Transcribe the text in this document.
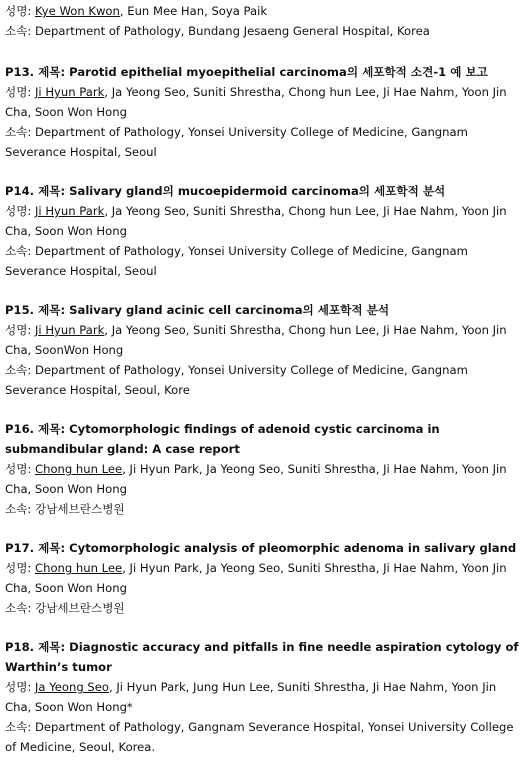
성명: Kye Won Kwon, Eun Mee Han, Soya Paik
소속: Department of Pathology, Bundang Jesaeng General Hospital, Korea
P13. 제목: Parotid epithelial myoepithelial carcinoma의 세포학적 소견-1 예 보고
성명: Ji Hyun Park, Ja Yeong Seo, Suniti Shrestha, Chong hun Lee, Ji Hae Nahm, Yoon Jin Cha, Soon Won Hong
소속: Department of Pathology, Yonsei University College of Medicine, Gangnam Severance Hospital, Seoul
P14. 제목: Salivary gland의 mucoepidermoid carcinoma의 세포학적 분석
성명: Ji Hyun Park, Ja Yeong Seo, Suniti Shrestha, Chong hun Lee, Ji Hae Nahm, Yoon Jin Cha, Soon Won Hong
소속: Department of Pathology, Yonsei University College of Medicine, Gangnam Severance Hospital, Seoul
P15. 제목: Salivary gland acinic cell carcinoma의 세포학적 분석
성명: Ji Hyun Park, Ja Yeong Seo, Suniti Shrestha, Chong hun Lee, Ji Hae Nahm, Yoon Jin Cha, SoonWon Hong
소속: Department of Pathology, Yonsei University College of Medicine, Gangnam Severance Hospital, Seoul, Kore
P16. 제목: Cytomorphologic findings of adenoid cystic carcinoma in submandibular gland: A case report
성명: Chong hun Lee, Ji Hyun Park, Ja Yeong Seo, Suniti Shrestha, Ji Hae Nahm, Yoon Jin Cha, Soon Won Hong
소속: 강남세브란스병원
P17. 제목: Cytomorphologic analysis of pleomorphic adenoma in salivary gland
성명: Chong hun Lee, Ji Hyun Park, Ja Yeong Seo, Suniti Shrestha, Ji Hae Nahm, Yoon Jin Cha, Soon Won Hong
소속: 강남세브란스병원
P18. 제목: Diagnostic accuracy and pitfalls in fine needle aspiration cytology of Warthin’s tumor
성명: Ja Yeong Seo, Ji Hyun Park, Jung Hun Lee, Suniti Shrestha, Ji Hae Nahm, Yoon Jin Cha, Soon Won Hong*
소속: Department of Pathology, Gangnam Severance Hospital, Yonsei University College of Medicine, Seoul, Korea.
